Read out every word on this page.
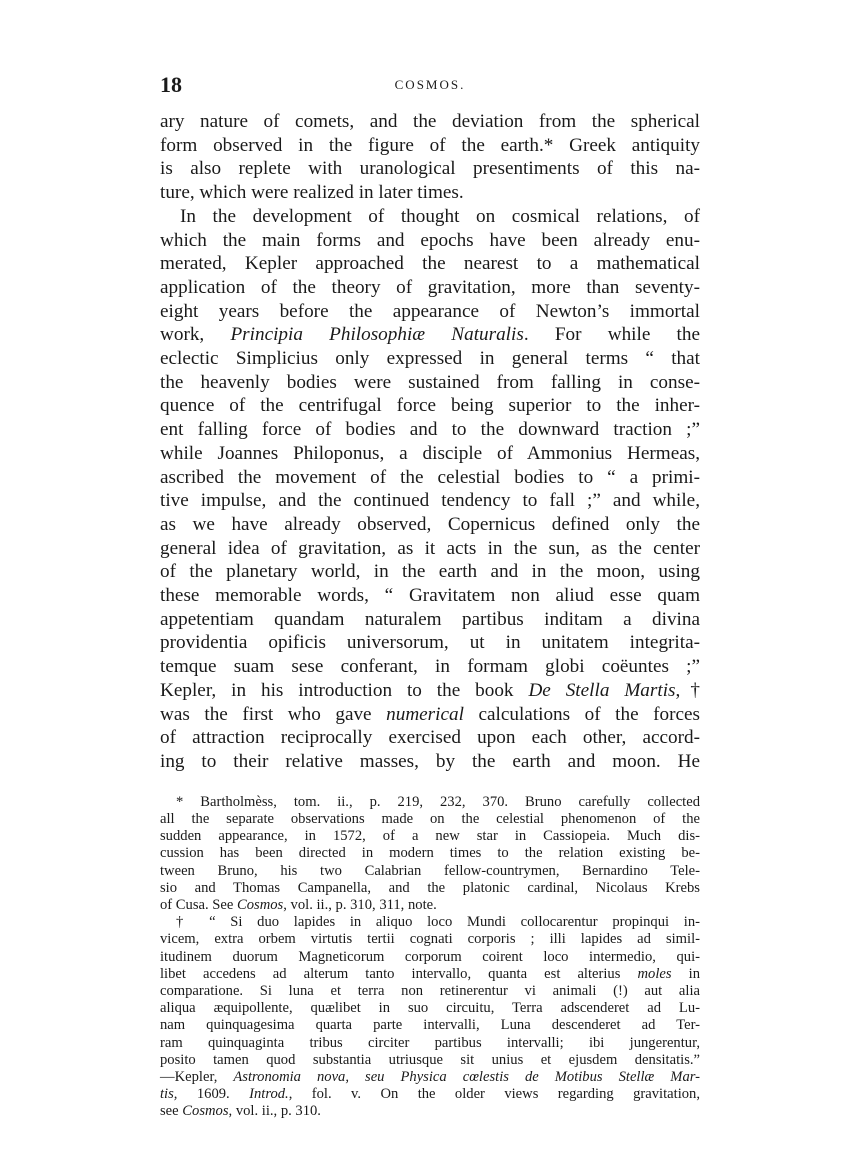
18	COSMOS.

ary nature of comets, and the deviation from the spherical
form observed in the figure of the earth.* Greek antiquity
is also replete with uranological presentiments of this na-
ture, which were realized in later times.

In the development of thought on cosmical relations, of
which the main forms and epochs have been already enu-
merated, Kepler approached the nearest to a mathematical
application of the theory of gravitation, more than seventy-
eight years before the appearance of Newton’s immortal
work, Principia Philosophiæ Naturalis. For while the
eclectic Simplicius only expressed in general terms “ that
the heavenly bodies were sustained from falling in conse-
quence of the centrifugal force being superior to the inher-
ent falling force of bodies and to the downward traction ;”
while Joannes Philoponus, a disciple of Ammonius Hermeas,
ascribed the movement of the celestial bodies to “ a primi-
tive impulse, and the continued tendency to fall ;” and while,
as we have already observed, Copernicus defined only the
general idea of gravitation, as it acts in the sun, as the center
of the planetary world, in the earth and in the moon, using
these memorable words, “ Gravitatem non aliud esse quam
appetentiam quandam naturalem partibus inditam a divina
providentia opificis universorum, ut in unitatem integrita-
temque suam sese conferant, in formam globi coëuntes ;”
Kepler, in his introduction to the book De Stella Martis,†
was the first who gave numerical calculations of the forces
of attraction reciprocally exercised upon each other, accord-
ing to their relative masses, by the earth and moon. He

* Bartholmèss, tom. ii., p. 219, 232, 370. Bruno carefully collected
all the separate observations made on the celestial phenomenon of the
sudden appearance, in 1572, of a new star in Cassiopeia. Much dis-
cussion has been directed in modern times to the relation existing be-
tween Bruno, his two Calabrian fellow-countrymen, Bernardino Tele-
sio and Thomas Campanella, and the platonic cardinal, Nicolaus Krebs
of Cusa. See Cosmos, vol. ii., p. 310, 311, note.
† “ Si duo lapides in aliquo loco Mundi collocarentur propinqui in-
vicem, extra orbem virtutis tertii cognati corporis ; illi lapides ad simil-
itudinem duorum Magneticorum corporum coirent loco intermedio, qui-
libet accedens ad alterum tanto intervallo, quanta est alterius moles in
comparatione. Si luna et terra non retinerentur vi animali (!) aut alia
aliqua æquipollente, quælibet in suo circuitu, Terra adscenderet ad Lu-
nam quinquagesima quarta parte intervalli, Luna descenderet ad Ter-
ram quinquaginta tribus circiter partibus intervalli; ibi jungerentur,
posito tamen quod substantia utriusque sit unius et ejusdem densitatis.”
—Kepler, Astronomia nova, seu Physica cœlestis de Motibus Stellæ Mar-
tis, 1609. Introd., fol. v. On the older views regarding gravitation,
see Cosmos, vol. ii., p. 310.
